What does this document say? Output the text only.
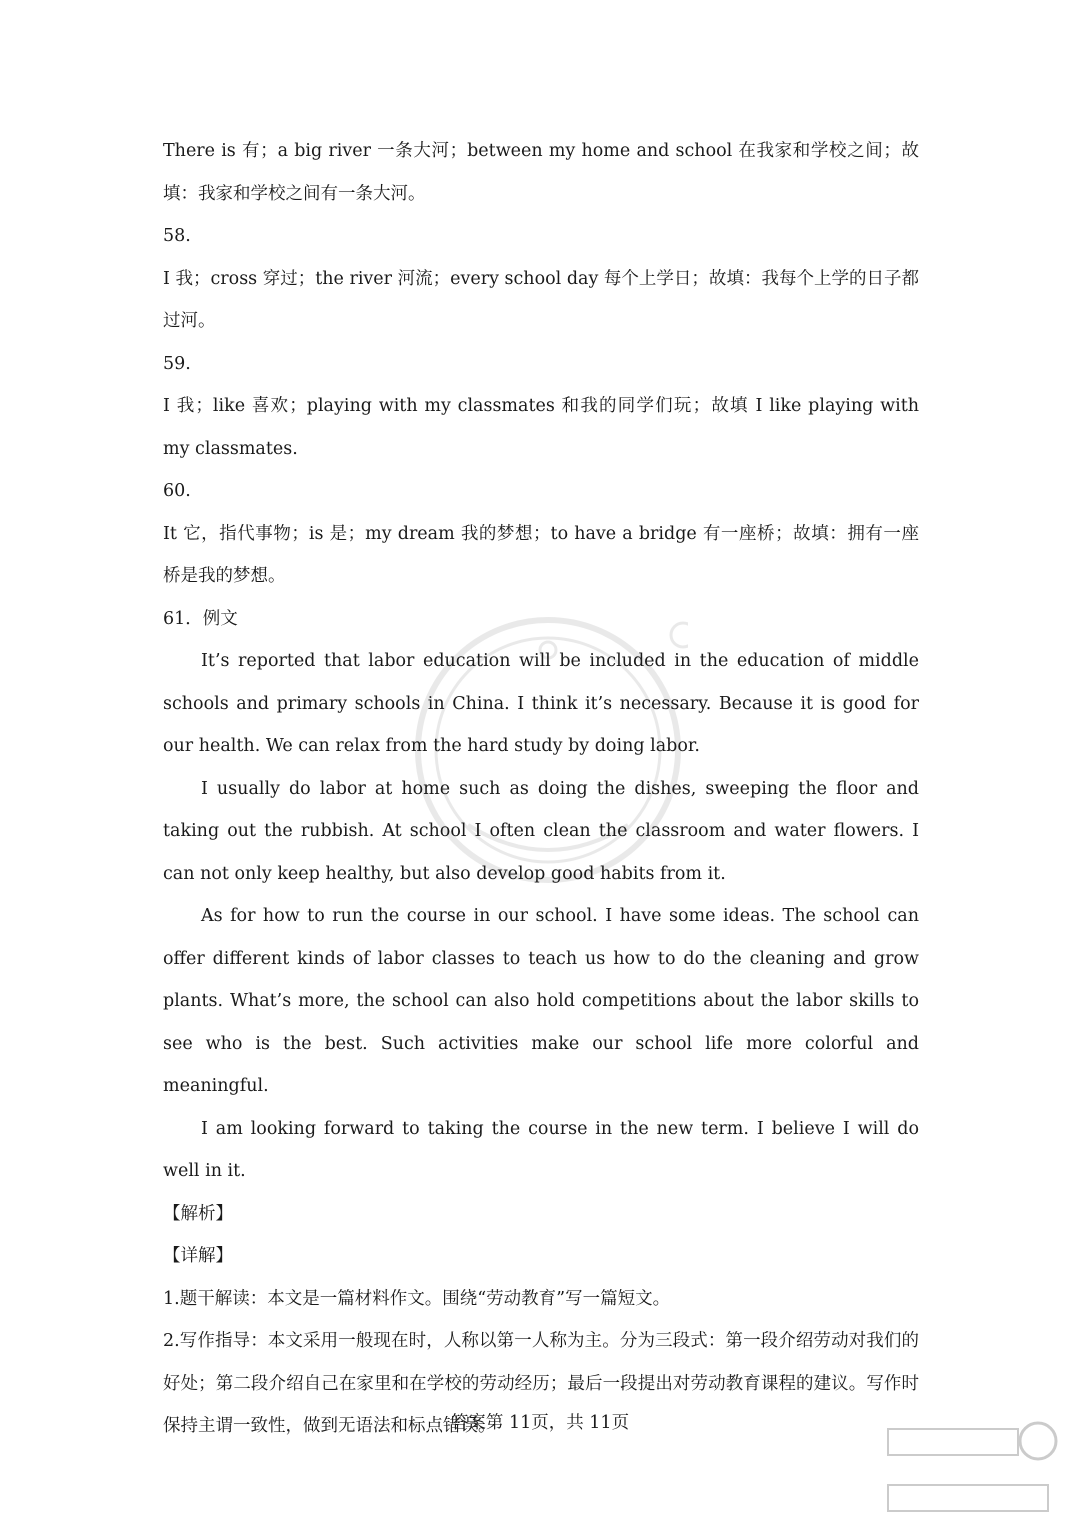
There is 有；a big river 一条大河；between my home and school 在我家和学校之间；故填：我家和学校之间有一条大河。

58.

I 我；cross 穿过；the river 河流；every school day 每个上学日；故填：我每个上学的日子都过河。

59.

I 我；like 喜欢；playing with my classmates 和我的同学们玩；故填 I like playing with my classmates.

60.

It 它，指代事物；is 是；my dream 我的梦想；to have a bridge 有一座桥；故填：拥有一座桥是我的梦想。

61．例文

It’s reported that labor education will be included in the education of middle schools and primary schools in China. I think it’s necessary. Because it is good for our health. We can relax from the hard study by doing labor.

I usually do labor at home such as doing the dishes, sweeping the floor and taking out the rubbish. At school I often clean the classroom and water flowers. I can not only keep healthy, but also develop good habits from it.

As for how to run the course in our school. I have some ideas. The school can offer different kinds of labor classes to teach us how to do the cleaning and grow plants. What’s more, the school can also hold competitions about the labor skills to see who is the best. Such activities make our school life more colorful and meaningful.

I am looking forward to taking the course in the new term. I believe I will do well in it.

【解析】

【详解】

1.题干解读：本文是一篇材料作文。围绕“劳动教育”写一篇短文。

2.写作指导：本文采用一般现在时，人称以第一人称为主。分为三段式：第一段介绍劳动对我们的好处；第二段介绍自己在家里和在学校的劳动经历；最后一段提出对劳动教育课程的建议。写作时保持主谓一致性，做到无语法和标点错误。

答案第 11页，共 11页
